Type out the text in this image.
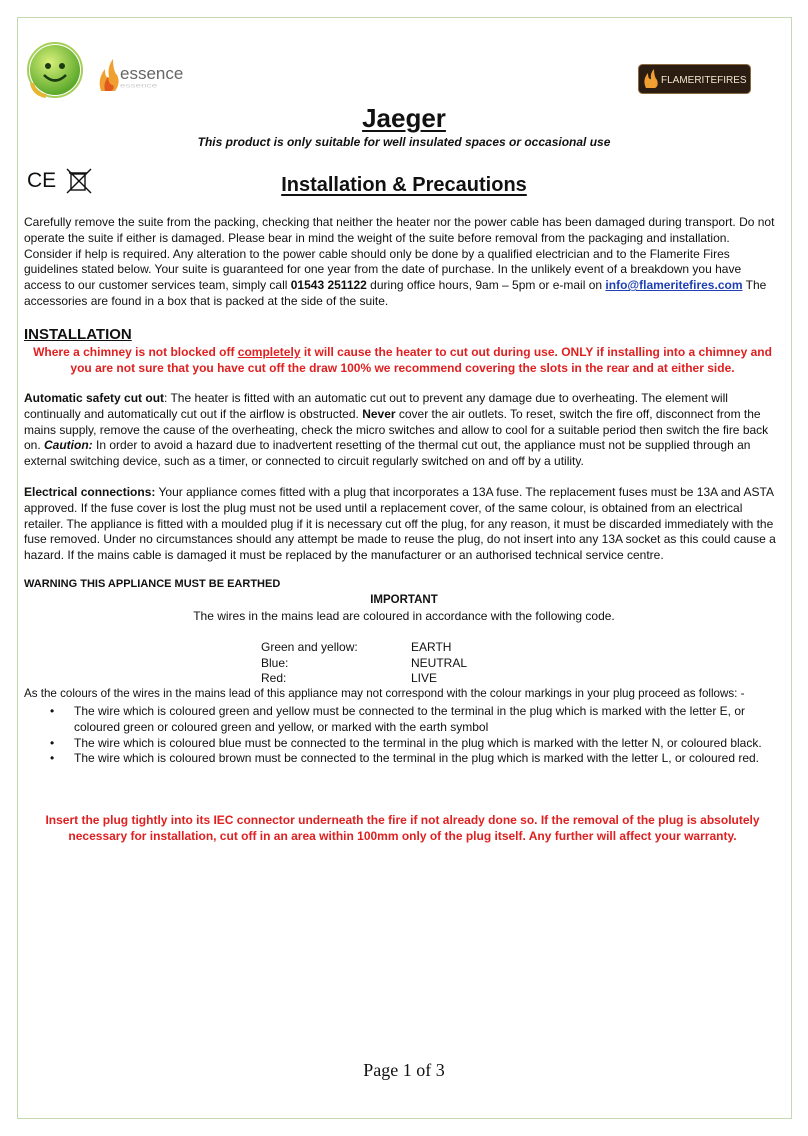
essence
essence	FLAMERITEFIRES
CE
Jaeger
This product is only suitable for well insulated spaces or occasional use
Installation & Precautions

Carefully remove the suite from the packing, checking that neither the heater nor the power cable has been damaged during transport. Do not operate the suite if either is damaged. Please bear in mind the weight of the suite before removal from the packaging and installation. Consider if help is required. Any alteration to the power cable should only be done by a qualified electrician and to the Flamerite Fires guidelines stated below. Your suite is guaranteed for one year from the date of purchase. In the unlikely event of a breakdown you have access to our customer services team, simply call 01543 251122 during office hours, 9am – 5pm or e-mail on info@flameritefires.com The accessories are found in a box that is packed at the side of the suite.

INSTALLATION

Where a chimney is not blocked off completely it will cause the heater to cut out during use. ONLY if installing into a chimney and you are not sure that you have cut off the draw 100% we recommend covering the slots in the rear and at either side.

Automatic safety cut out: The heater is fitted with an automatic cut out to prevent any damage due to overheating. The element will continually and automatically cut out if the airflow is obstructed. Never cover the air outlets. To reset, switch the fire off, disconnect from the mains supply, remove the cause of the overheating, check the micro switches and allow to cool for a suitable period then switch the fire back on. Caution: In order to avoid a hazard due to inadvertent resetting of the thermal cut out, the appliance must not be supplied through an external switching device, such as a timer, or connected to circuit regularly switched on and off by a utility.

Electrical connections: Your appliance comes fitted with a plug that incorporates a 13A fuse. The replacement fuses must be 13A and ASTA approved. If the fuse cover is lost the plug must not be used until a replacement cover, of the same colour, is obtained from an electrical retailer. The appliance is fitted with a moulded plug if it is necessary cut off the plug, for any reason, it must be discarded immediately with the fuse removed. Under no circumstances should any attempt be made to reuse the plug, do not insert into any 13A socket as this could cause a hazard. If the mains cable is damaged it must be replaced by the manufacturer or an authorised technical service centre.

WARNING THIS APPLIANCE MUST BE EARTHED
IMPORTANT
The wires in the mains lead are coloured in accordance with the following code.
Green and yellow:	EARTH
Blue:	NEUTRAL
Red:	LIVE

As the colours of the wires in the mains lead of this appliance may not correspond with the colour markings in your plug proceed as follows: -

• The wire which is coloured green and yellow must be connected to the terminal in the plug which is marked with the letter E, or coloured green or coloured green and yellow, or marked with the earth symbol
• The wire which is coloured blue must be connected to the terminal in the plug which is marked with the letter N, or coloured black.
• The wire which is coloured brown must be connected to the terminal in the plug which is marked with the letter L, or coloured red.

Insert the plug tightly into its IEC connector underneath the fire if not already done so. If the removal of the plug is absolutely necessary for installation, cut off in an area within 100mm only of the plug itself. Any further will affect your warranty.

Page 1 of 3
